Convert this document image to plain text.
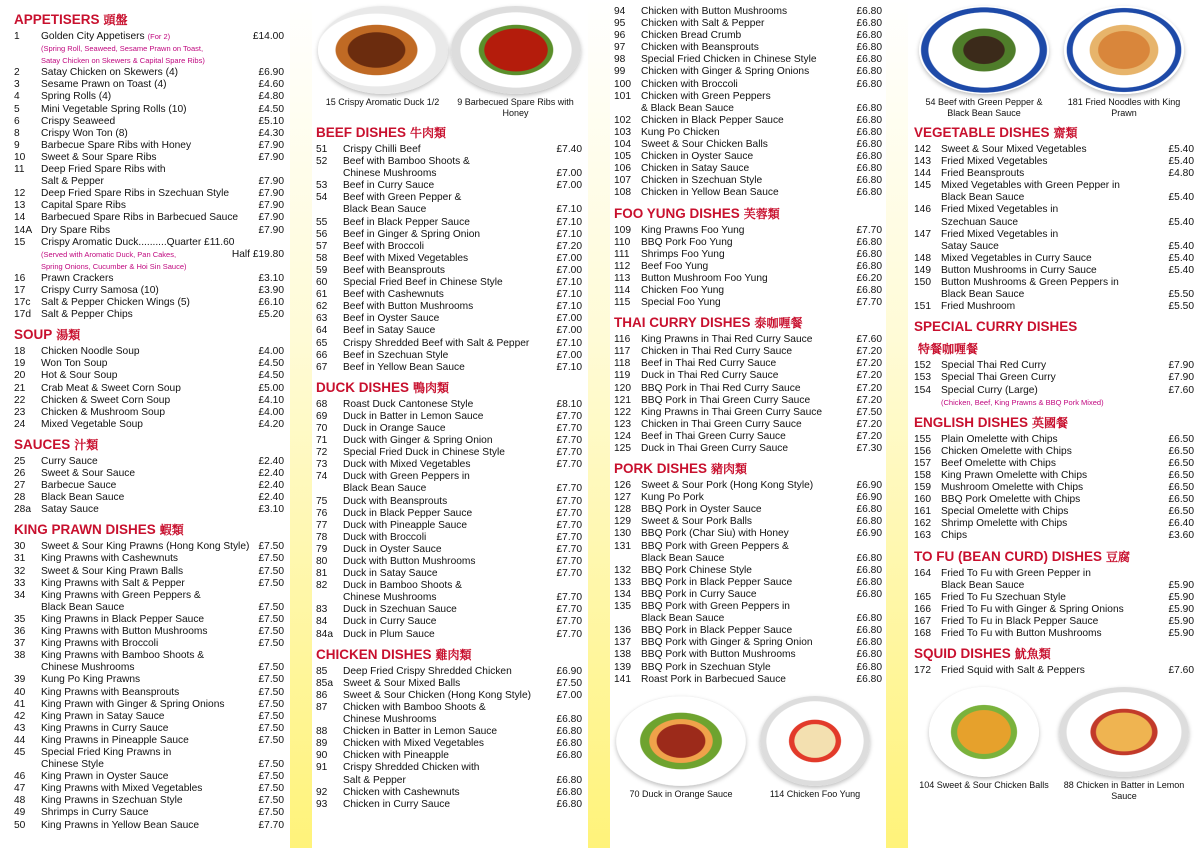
APPETISERS 頭盤
1	Golden City Appetisers (For 2)	£14.00
(Spring Roll, Seaweed, Sesame Prawn on Toast,
Satay Chicken on Skewers & Capital Spare Ribs)
2	Satay Chicken on Skewers (4)	£6.90
3	Sesame Prawn on Toast (4)	£4.60
4	Spring Rolls (4)	£4.80
5	Mini Vegetable Spring Rolls (10)	£4.50
6	Crispy Seaweed	£5.10
8	Crispy Won Ton (8)	£4.30
9	Barbecue Spare Ribs with Honey	£7.90
10	Sweet & Sour Spare Ribs	£7.90
11	Deep Fried Spare Ribs with
Salt & Pepper	£7.90
12	Deep Fried Spare Ribs in Szechuan Style	£7.90
13	Capital Spare Ribs	£7.90
14	Barbecued Spare Ribs in Barbecued Sauce	£7.90
14A Dry Spare Ribs	£7.90
15	Crispy Aromatic Duck..........Quarter £11.60
(Served with Aromatic Duck, Pan Cakes,	Half £19.80
Spring Onions, Cucumber & Hoi Sin Sauce)
16	Prawn Crackers	£3.10
17	Crispy Curry Samosa (10)	£3.90
17c	Salt & Pepper Chicken Wings (5)	£6.10
17d Salt & Pepper Chips	£5.20
SOUP 湯類
18	Chicken Noodle Soup	£4.00
19	Won Ton Soup	£4.50
20	Hot & Sour Soup	£4.50
21	Crab Meat & Sweet Corn Soup	£5.00
22	Chicken & Sweet Corn Soup	£4.10
23	Chicken & Mushroom Soup	£4.00
24	Mixed Vegetable Soup	£4.20
SAUCES 汁類
25	Curry Sauce	£2.40
26	Sweet & Sour Sauce	£2.40
27	Barbecue Sauce	£2.40
28	Black Bean Sauce	£2.40
28a Satay Sauce	£3.10
KING PRAWN DISHES 蝦類
30	Sweet & Sour King Prawns (Hong Kong Style) £7.50
31	King Prawns with Cashewnuts	£7.50
32	Sweet & Sour King Prawn Balls	£7.50
33	King Prawns with Salt & Pepper	£7.50
34	King Prawns with Green Peppers &
Black Bean Sauce	£7.50
35	King Prawns in Black Pepper Sauce	£7.50
36	King Prawns with Button Mushrooms	£7.50
37	King Prawns with Broccoli	£7.50
38	King Prawns with Bamboo Shoots &
Chinese Mushrooms	£7.50
39	Kung Po King Prawns	£7.50
40	King Prawns with Beansprouts	£7.50
41	King Prawn with Ginger & Spring Onions	£7.50
42	King Prawn in Satay Sauce	£7.50
43	King Prawns in Curry Sauce	£7.50
44	King Prawns in Pineapple Sauce	£7.50
45	Special Fried King Prawns in
Chinese Style	£7.50
46	King Prawn in Oyster Sauce	£7.50
47	King Prawns with Mixed Vegetables	£7.50
48	King Prawns in Szechuan Style	£7.50
49	Shrimps in Curry Sauce	£7.50
50	King Prawns in Yellow Bean Sauce	£7.70
15 Crispy Aromatic Duck 1/2	9 Barbecued Spare Ribs with Honey
BEEF DISHES 牛肉類
51	Crispy Chilli Beef	£7.40
52	Beef with Bamboo Shoots &
Chinese Mushrooms	£7.00
53	Beef in Curry Sauce	£7.00
54	Beef with Green Pepper &
Black Bean Sauce	£7.10
55	Beef in Black Pepper Sauce	£7.10
56	Beef in Ginger & Spring Onion	£7.10
57	Beef with Broccoli	£7.20
58	Beef with Mixed Vegetables	£7.00
59	Beef with Beansprouts	£7.00
60	Special Fried Beef in Chinese Style	£7.10
61	Beef with Cashewnuts	£7.10
62	Beef with Button Mushrooms	£7.10
63	Beef in Oyster Sauce	£7.00
64	Beef in Satay Sauce	£7.00
65	Crispy Shredded Beef with Salt & Pepper	£7.10
66	Beef in Szechuan Style	£7.00
67	Beef in Yellow Bean Sauce	£7.10
DUCK DISHES 鴨肉類
68	Roast Duck Cantonese Style	£8.10
69	Duck in Batter in Lemon Sauce	£7.70
70	Duck in Orange Sauce	£7.70
71	Duck with Ginger & Spring Onion	£7.70
72	Special Fried Duck in Chinese Style	£7.70
73	Duck with Mixed Vegetables	£7.70
74	Duck with Green Peppers in
Black Bean Sauce	£7.70
75	Duck with Beansprouts	£7.70
76	Duck in Black Pepper Sauce	£7.70
77	Duck with Pineapple Sauce	£7.70
78	Duck with Broccoli	£7.70
79	Duck in Oyster Sauce	£7.70
80	Duck with Button Mushrooms	£7.70
81	Duck in Satay Sauce	£7.70
82	Duck in Bamboo Shoots &
Chinese Mushrooms	£7.70
83	Duck in Szechuan Sauce	£7.70
84	Duck in Curry Sauce	£7.70
84a Duck in Plum Sauce	£7.70
CHICKEN DISHES 雞肉類
85	Deep Fried Crispy Shredded Chicken	£6.90
85a Sweet & Sour Mixed Balls	£7.50
86	Sweet & Sour Chicken (Hong Kong Style)	£7.00
87	Chicken with Bamboo Shoots &
Chinese Mushrooms	£6.80
88	Chicken in Batter in Lemon Sauce	£6.80
89	Chicken with Mixed Vegetables	£6.80
90	Chicken with Pineapple	£6.80
91	Crispy Shredded Chicken with
Salt & Pepper	£6.80
92	Chicken with Cashewnuts	£6.80
93	Chicken in Curry Sauce	£6.80
94	Chicken with Button Mushrooms	£6.80
95	Chicken with Salt & Pepper	£6.80
96	Chicken Bread Crumb	£6.80
97	Chicken with Beansprouts	£6.80
98	Special Fried Chicken in Chinese Style	£6.80
99	Chicken with Ginger & Spring Onions	£6.80
100 Chicken with Broccoli	£6.80
101 Chicken with Green Peppers
& Black Bean Sauce	£6.80
102 Chicken in Black Pepper Sauce	£6.80
103 Kung Po Chicken	£6.80
104 Sweet & Sour Chicken Balls	£6.80
105 Chicken in Oyster Sauce	£6.80
106 Chicken in Satay Sauce	£6.80
107 Chicken in Szechuan Style	£6.80
108 Chicken in Yellow Bean Sauce	£6.80
FOO YUNG DISHES 芙蓉類
109 King Prawns Foo Yung	£7.70
110	BBQ Pork Foo Yung	£6.80
111	Shrimps Foo Yung	£6.80
112	Beef Foo Yung	£6.80
113	Button Mushroom Foo Yung	£6.20
114	Chicken Foo Yung	£6.80
115	Special Foo Yung	£7.70
THAI CURRY DISHES 泰咖喱餐
116	King Prawns in Thai Red Curry Sauce	£7.60
117	Chicken in Thai Red Curry Sauce	£7.20
118	Beef in Thai Red Curry Sauce	£7.20
119	Duck in Thai Red Curry Sauce	£7.20
120 BBQ Pork in Thai Red Curry Sauce	£7.20
121 BBQ Pork in Thai Green Curry Sauce	£7.20
122 King Prawns in Thai Green Curry Sauce	£7.50
123 Chicken in Thai Green Curry Sauce	£7.20
124 Beef in Thai Green Curry Sauce	£7.20
125 Duck in Thai Green Curry Sauce	£7.30
PORK DISHES 豬肉類
126 Sweet & Sour Pork (Hong Kong Style)	£6.90
127 Kung Po Pork	£6.90
128 BBQ Pork in Oyster Sauce	£6.80
129 Sweet & Sour Pork Balls	£6.80
130 BBQ Pork (Char Siu) with Honey	£6.90
131 BBQ Pork with Green Peppers &
Black Bean Sauce	£6.80
132 BBQ Pork Chinese Style	£6.80
133 BBQ Pork in Black Pepper Sauce	£6.80
134 BBQ Pork in Curry Sauce	£6.80
135 BBQ Pork with Green Peppers in
Black Bean Sauce	£6.80
136 BBQ Pork in Black Pepper Sauce	£6.80
137 BBQ Pork with Ginger & Spring Onion	£6.80
138 BBQ Pork with Button Mushrooms	£6.80
139 BBQ Pork in Szechuan Style	£6.80
141 Roast Pork in Barbecued Sauce	£6.80
70 Duck in Orange Sauce	114 Chicken Foo Yung
54 Beef with Green Pepper & Black Bean Sauce
181 Fried Noodles with King Prawn
VEGETABLE DISHES 齋類
142 Sweet & Sour Mixed Vegetables	£5.40
143 Fried Mixed Vegetables	£5.40
144 Fried Beansprouts	£4.80
145 Mixed Vegetables with Green Pepper in
Black Bean Sauce	£5.40
146 Fried Mixed Vegetables in
Szechuan Sauce	£5.40
147 Fried Mixed Vegetables in
Satay Sauce	£5.40
148 Mixed Vegetables in Curry Sauce	£5.40
149 Button Mushrooms in Curry Sauce	£5.40
150 Button Mushrooms & Green Peppers in
Black Bean Sauce	£5.50
151 Fried Mushroom	£5.50
SPECIAL CURRY DISHES
特餐咖喱餐
152 Special Thai Red Curry	£7.90
153 Special Thai Green Curry	£7.90
154 Special Curry (Large)	£7.60
(Chicken, Beef, King Prawns & BBQ Pork Mixed)
ENGLISH DISHES 英國餐
155 Plain Omelette with Chips	£6.50
156 Chicken Omelette with Chips	£6.50
157 Beef Omelette with Chips	£6.50
158 King Prawn Omelette with Chips	£6.50
159 Mushroom Omelette with Chips	£6.50
160 BBQ Pork Omelette with Chips	£6.50
161 Special Omelette with Chips	£6.50
162 Shrimp Omelette with Chips	£6.40
163 Chips	£3.60
TO FU (BEAN CURD) DISHES 豆腐
164 Fried To Fu with Green Pepper in
Black Bean Sauce	£5.90
165 Fried To Fu Szechuan Style	£5.90
166 Fried To Fu with Ginger & Spring Onions	£5.90
167 Fried To Fu in Black Pepper Sauce	£5.90
168 Fried To Fu with Button Mushrooms	£5.90
SQUID DISHES 魷魚類
172 Fried Squid with Salt & Peppers	£7.60
104 Sweet & Sour Chicken Balls	88 Chicken in Batter in Lemon Sauce
